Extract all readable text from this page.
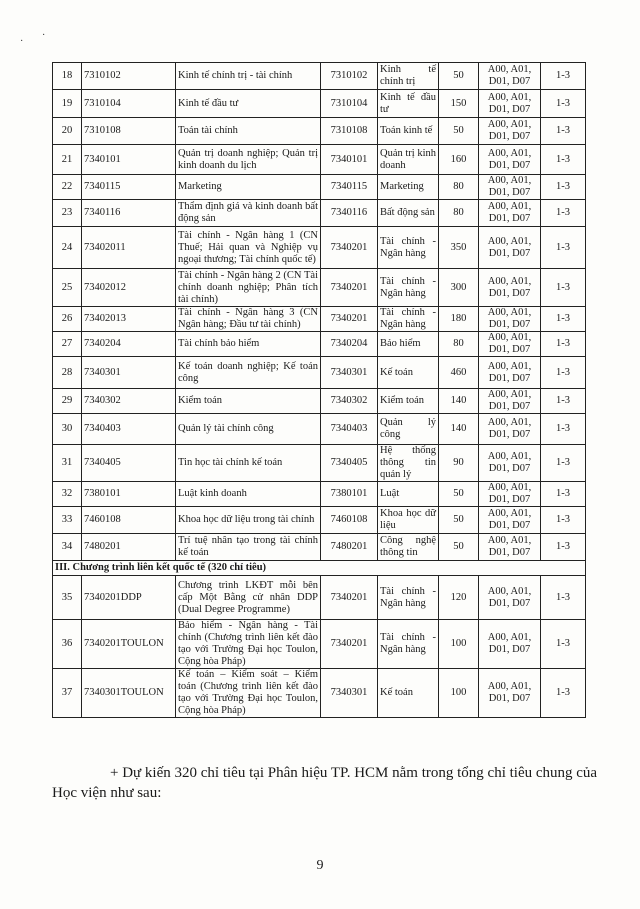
·
·
18	7310102	Kinh tế chính trị - tài chính	7310102	Kinh tế chính trị	50	A00, A01,
D01, D07	1-3
19	7310104	Kinh tế đầu tư	7310104	Kinh tế đầu tư	150	A00, A01,
D01, D07	1-3
20	7310108	Toán tài chính	7310108	Toán kinh tế	50	A00, A01,
D01, D07	1-3
21	7340101	Quản trị doanh nghiệp; Quản trị kinh doanh du lịch	7340101	Quản trị kinh doanh	160	A00, A01,
D01, D07	1-3
22	7340115	Marketing	7340115	Marketing	80	A00, A01,
D01, D07	1-3
23	7340116	Thẩm định giá và kinh doanh bất động sản	7340116	Bất động sản	80	A00, A01,
D01, D07	1-3
24	73402011	Tài chính - Ngân hàng 1 (CN Thuế; Hải quan và Nghiệp vụ ngoại thương; Tài chính quốc tế)	7340201	Tài chính - Ngân hàng	350	A00, A01,
D01, D07	1-3
25	73402012	Tài chính - Ngân hàng 2 (CN Tài chính doanh nghiệp; Phân tích tài chính)	7340201	Tài chính - Ngân hàng	300	A00, A01,
D01, D07	1-3
26	73402013	Tài chính - Ngân hàng 3 (CN Ngân hàng; Đầu tư tài chính)	7340201	Tài chính - Ngân hàng	180	A00, A01,
D01, D07	1-3
27	7340204	Tài chính bảo hiểm	7340204	Bảo hiểm	80	A00, A01,
D01, D07	1-3
28	7340301	Kế toán doanh nghiệp; Kế toán công	7340301	Kế toán	460	A00, A01,
D01, D07	1-3
29	7340302	Kiểm toán	7340302	Kiểm toán	140	A00, A01,
D01, D07	1-3
30	7340403	Quản lý tài chính công	7340403	Quản lý công	140	A00, A01,
D01, D07	1-3
31	7340405	Tin học tài chính kế toán	7340405	Hệ thống thông tin quản lý	90	A00, A01,
D01, D07	1-3
32	7380101	Luật kinh doanh	7380101	Luật	50	A00, A01,
D01, D07	1-3
33	7460108	Khoa học dữ liệu trong tài chính	7460108	Khoa học dữ liệu	50	A00, A01,
D01, D07	1-3
34	7480201	Trí tuệ nhân tạo trong tài chính kế toán	7480201	Công nghệ thông tin	50	A00, A01,
D01, D07	1-3
III. Chương trình liên kết quốc tế (320 chỉ tiêu)							
35	7340201DDP	Chương trình LKĐT mỗi bên cấp Một Bằng cử nhân DDP (Dual Degree Programme)	7340201	Tài chính - Ngân hàng	120	A00, A01,
D01, D07	1-3
36	7340201TOULON	Bảo hiểm - Ngân hàng - Tài chính (Chương trình liên kết đào tạo với Trường Đại học Toulon, Cộng hòa Pháp)	7340201	Tài chính - Ngân hàng	100	A00, A01,
D01, D07	1-3
37	7340301TOULON	Kế toán – Kiểm soát – Kiểm toán (Chương trình liên kết đào tạo với Trường Đại học Toulon, Cộng hòa Pháp)	7340301	Kế toán	100	A00, A01,
D01, D07	1-3
+ Dự kiến 320 chỉ tiêu tại Phân hiệu TP. HCM nằm trong tổng chỉ tiêu chung của
Học viện như sau:
9
